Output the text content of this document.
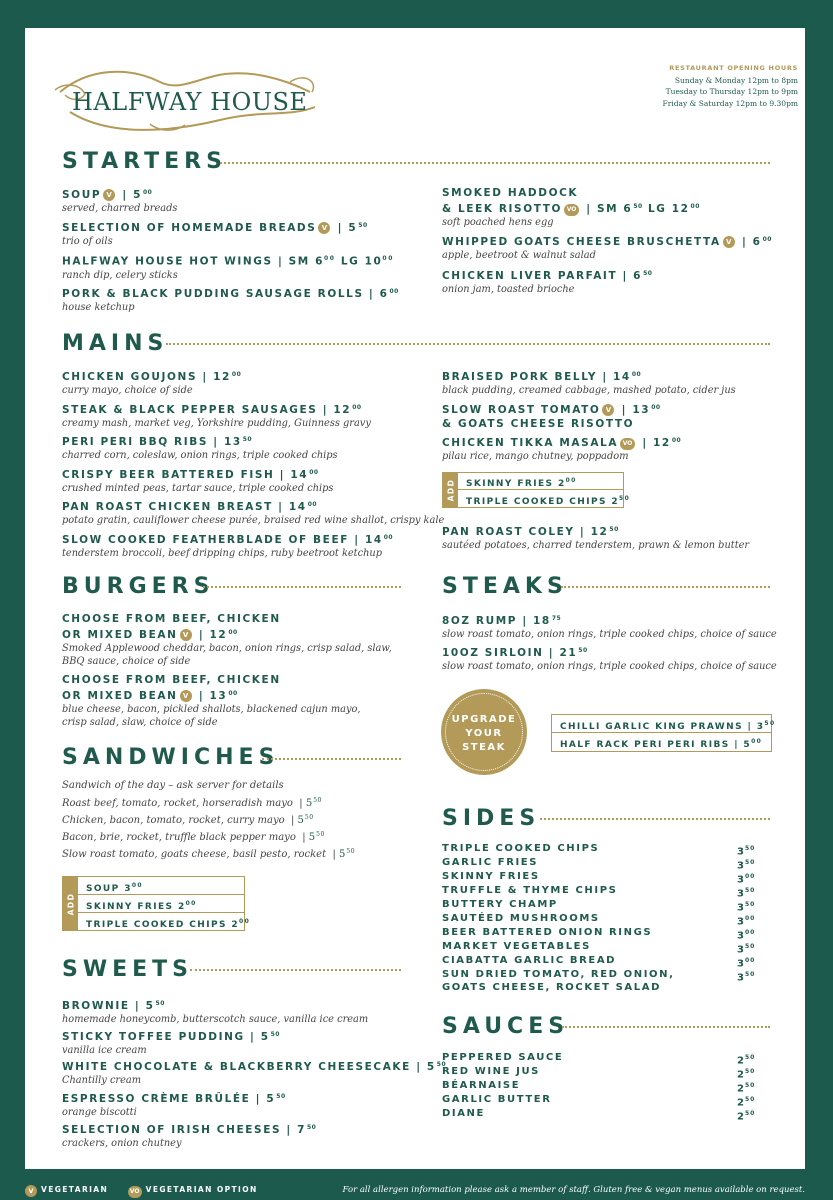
HALFWAY HOUSE
RESTAURANT OPENING HOURS
Sunday & Monday 12pm to 8pm
Tuesday to Thursday 12pm to 9pm
Friday & Saturday 12pm to 9.30pm
STARTERS
SOUP V | $5^{00}$
served, charred breads
SELECTION OF HOMEMADE BREADS V | $5^{50}$
trio of oils
HALFWAY HOUSE HOT WINGS | SM $6^{00}$ LG $10^{00}$
ranch dip, celery sticks
PORK & BLACK PUDDING SAUSAGE ROLLS | $6^{00}$
house ketchup
SMOKED HADDOCK
& LEEK RISOTTO VO | SM $6^{50}$ LG $12^{00}$
soft poached hens egg
WHIPPED GOATS CHEESE BRUSCHETTA V | $6^{00}$
apple, beetroot & walnut salad
CHICKEN LIVER PARFAIT | $6^{50}$
onion jam, toasted brioche
MAINS
CHICKEN GOUJONS | $12^{00}$
curry mayo, choice of side
STEAK & BLACK PEPPER SAUSAGES | $12^{00}$
creamy mash, market veg, Yorkshire pudding, Guinness gravy
PERI PERI BBQ RIBS | $13^{50}$
charred corn, coleslaw, onion rings, triple cooked chips
CRISPY BEER BATTERED FISH | $14^{00}$
crushed minted peas, tartar sauce, triple cooked chips
PAN ROAST CHICKEN BREAST | $14^{00}$
potato gratin, cauliflower cheese purée, braised red wine shallot, crispy kale
SLOW COOKED FEATHERBLADE OF BEEF | $14^{00}$
tenderstem broccoli, beef dripping chips, ruby beetroot ketchup
BRAISED PORK BELLY | $14^{00}$
black pudding, creamed cabbage, mashed potato, cider jus
SLOW ROAST TOMATO V | $13^{00}$
& GOATS CHEESE RISOTTO
CHICKEN TIKKA MASALA VO | $12^{00}$
pilau rice, mango chutney, poppadom
ADD	SKINNY FRIES $2^{00}$
TRIPLE COOKED CHIPS $2^{50}$
PAN ROAST COLEY | $12^{50}$
sautéed potatoes, charred tenderstem, prawn & lemon butter
BURGERS
CHOOSE FROM BEEF, CHICKEN
OR MIXED BEAN V | $12^{00}$
Smoked Applewood cheddar, bacon, onion rings, crisp salad, slaw,
BBQ sauce, choice of side
CHOOSE FROM BEEF, CHICKEN
OR MIXED BEAN V | $13^{00}$
blue cheese, bacon, pickled shallots, blackened cajun mayo,
crisp salad, slaw, choice of side
SANDWICHES
Sandwich of the day – ask server for details
Roast beef, tomato, rocket, horseradish mayo  | $5^{50}$
Chicken, bacon, tomato, rocket, curry mayo  | $5^{50}$
Bacon, brie, rocket, truffle black pepper mayo  | $5^{50}$
Slow roast tomato, goats cheese, basil pesto, rocket  | $5^{50}$
ADD
SOUP $3^{00}$
SKINNY FRIES $2^{00}$
TRIPLE COOKED CHIPS $2^{00}$
SWEETS
BROWNIE | $5^{50}$
homemade honeycomb, butterscotch sauce, vanilla ice cream
STICKY TOFFEE PUDDING | $5^{50}$
vanilla ice cream
WHITE CHOCOLATE & BLACKBERRY CHEESECAKE | $5^{50}$
Chantilly cream
ESPRESSO CRÈME BRÛLÉE | $5^{50}$
orange biscotti
SELECTION OF IRISH CHEESES | $7^{50}$
crackers, onion chutney
STEAKS
8OZ RUMP | $18^{75}$
slow roast tomato, onion rings, triple cooked chips, choice of sauce
10OZ SIRLOIN | $21^{50}$
slow roast tomato, onion rings, triple cooked chips, choice of sauce
UPGRADE
YOUR
STEAK
CHILLI GARLIC KING PRAWNS | $3^{50}$
HALF RACK PERI PERI RIBS | $5^{00}$
SIDES
TRIPLE COOKED CHIPS	$3^{50}$
GARLIC FRIES	$3^{50}$
SKINNY FRIES	$3^{00}$
TRUFFLE & THYME CHIPS	$3^{50}$
BUTTERY CHAMP	$3^{50}$
SAUTÉED MUSHROOMS	$3^{00}$
BEER BATTERED ONION RINGS	$3^{00}$
MARKET VEGETABLES	$3^{50}$
CIABATTA GARLIC BREAD	$3^{00}$
SUN DRIED TOMATO, RED ONION,
GOATS CHEESE, ROCKET SALAD
$3^{50}$
SAUCES
PEPPERED SAUCE	$2^{50}$
RED WINE JUS	$2^{50}$
BÉARNAISE	$2^{50}$
GARLIC BUTTER	$2^{50}$
DIANE	$2^{50}$
V VEGETARIAN	VO VEGETARIAN OPTION	For all allergen information please ask a member of staff. Gluten free & vegan menus available on request.
